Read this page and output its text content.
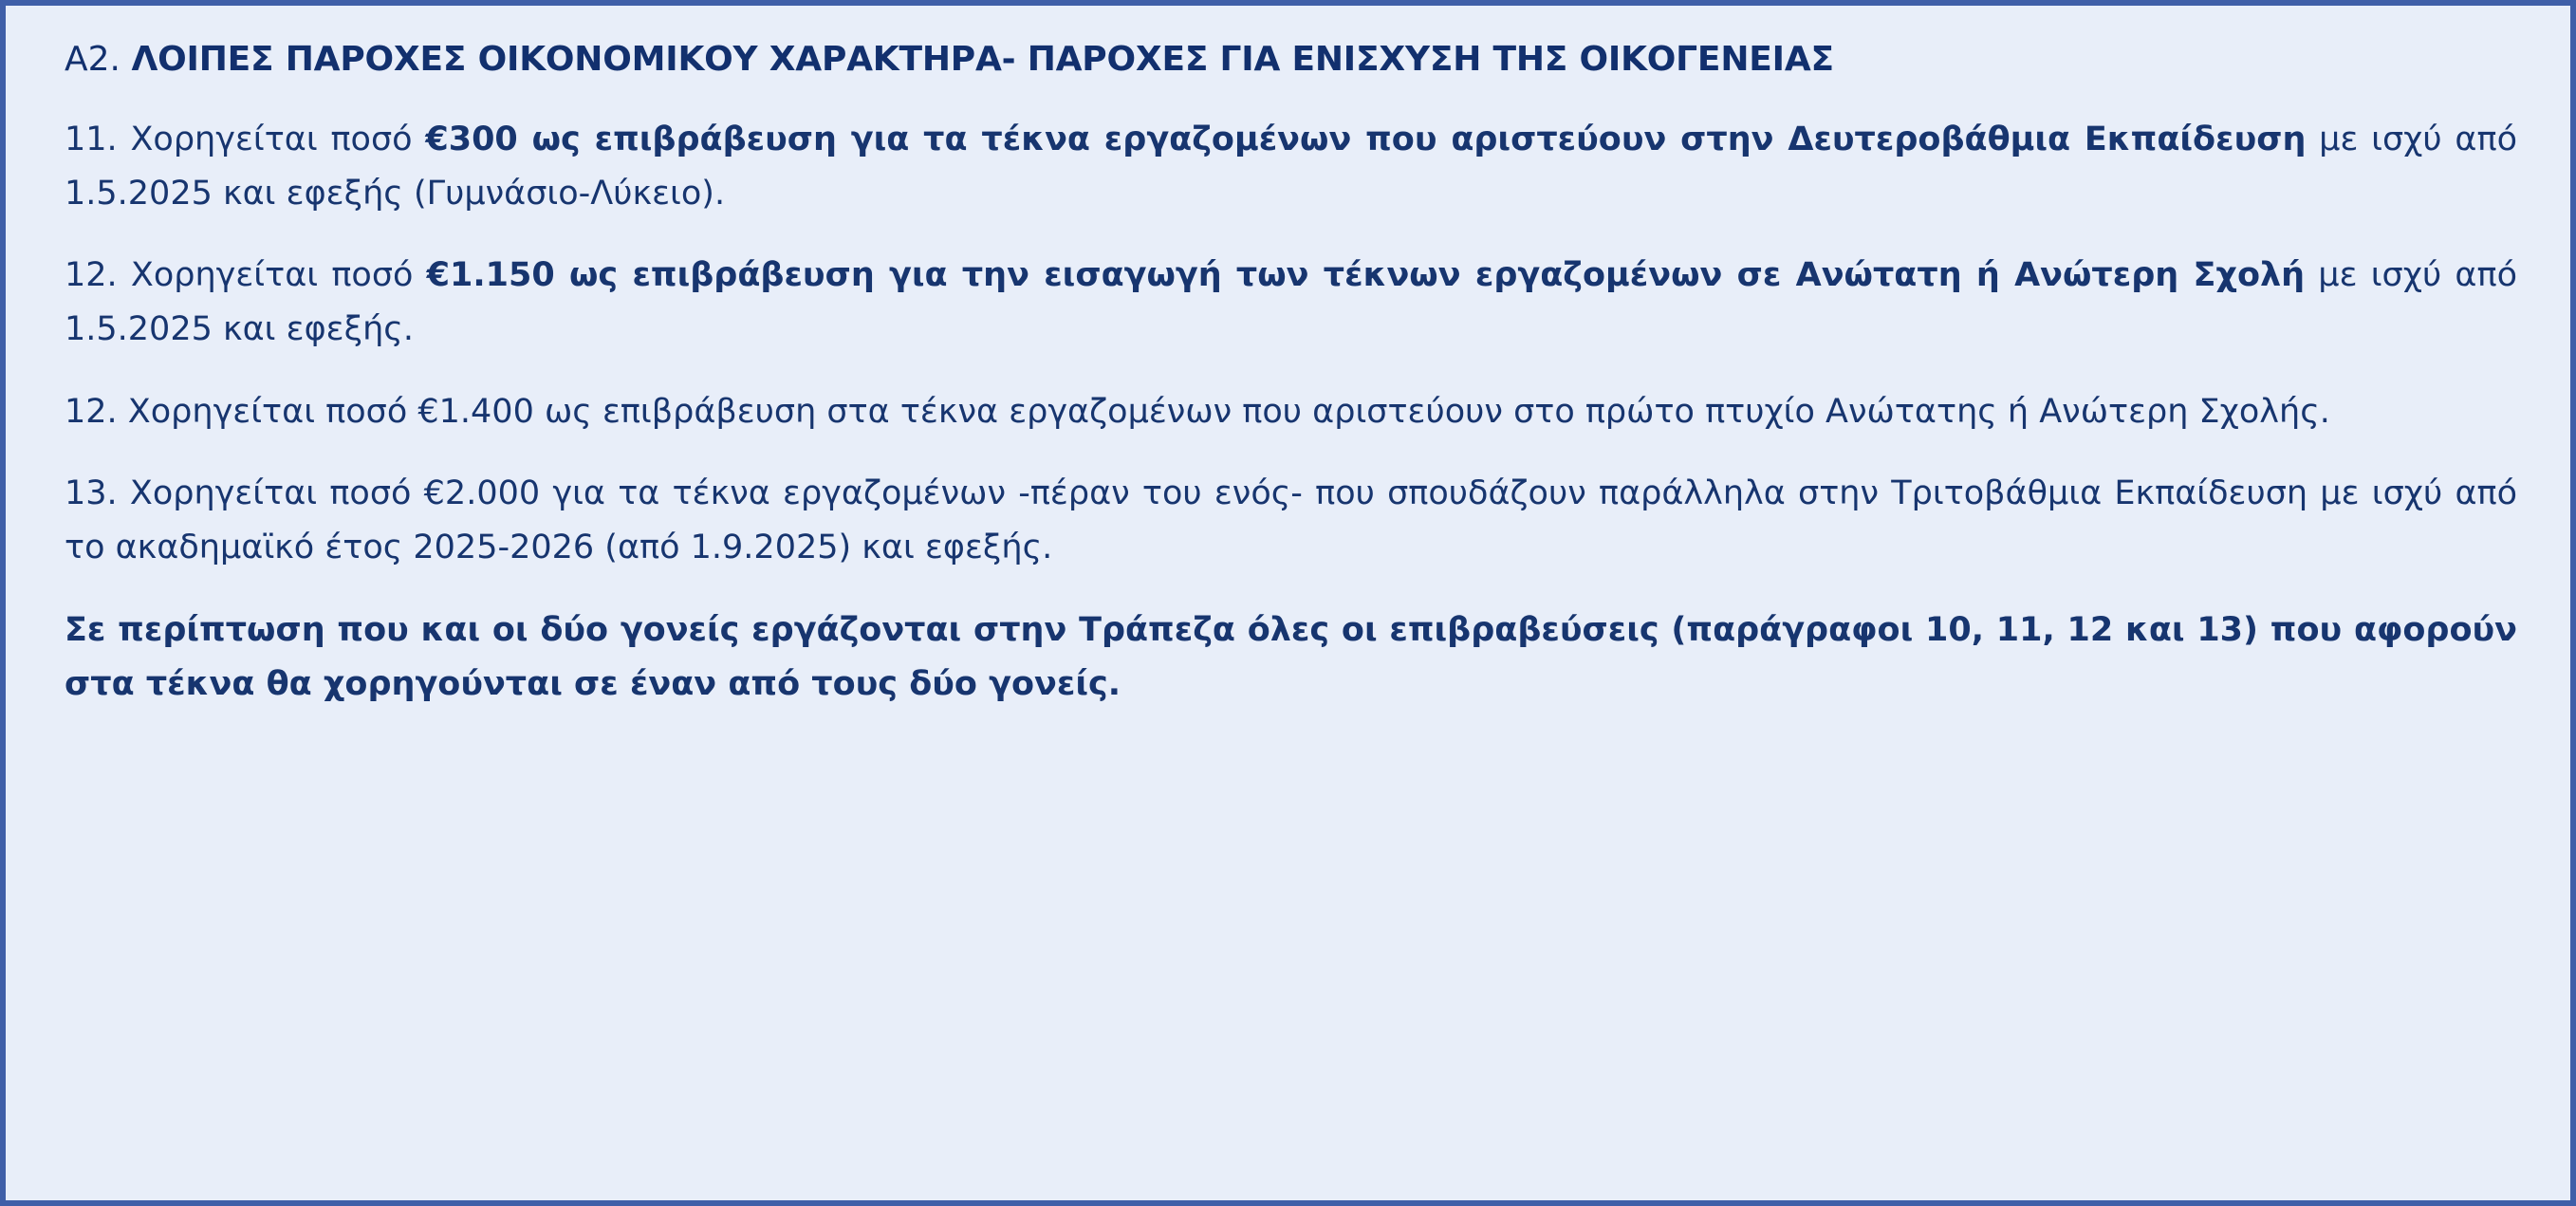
A2. ΛΟΙΠΕΣ ΠΑΡΟΧΕΣ ΟΙΚΟΝΟΜΙΚΟΥ ΧΑΡΑΚΤΗΡΑ- ΠΑΡΟΧΕΣ ΓΙΑ ΕΝΙΣΧΥΣΗ ΤΗΣ ΟΙΚΟΓΕΝΕΙΑΣ

11. Χορηγείται ποσό €300 ως επιβράβευση για τα τέκνα εργαζομένων που αριστεύουν στην Δευτεροβάθμια Εκπαίδευση με ισχύ από 1.5.2025 και εφεξής (Γυμνάσιο-Λύκειο).

12. Χορηγείται ποσό €1.150 ως επιβράβευση για την εισαγωγή των τέκνων εργαζομένων σε Ανώτατη ή Ανώτερη Σχολή με ισχύ από 1.5.2025 και εφεξής.

12. Χορηγείται ποσό €1.400 ως επιβράβευση στα τέκνα εργαζομένων που αριστεύουν στο πρώτο πτυχίο Ανώτατης ή Ανώτερη Σχολής.

13. Χορηγείται ποσό €2.000 για τα τέκνα εργαζομένων -πέραν του ενός- που σπουδάζουν παράλληλα στην Τριτοβάθμια Εκπαίδευση με ισχύ από το ακαδημαϊκό έτος 2025-2026 (από 1.9.2025) και εφεξής.

Σε περίπτωση που και οι δύο γονείς εργάζονται στην Τράπεζα όλες οι επιβραβεύσεις (παράγραφοι 10, 11, 12 και 13) που αφορούν στα τέκνα θα χορηγούνται σε έναν από τους δύο γονείς.
